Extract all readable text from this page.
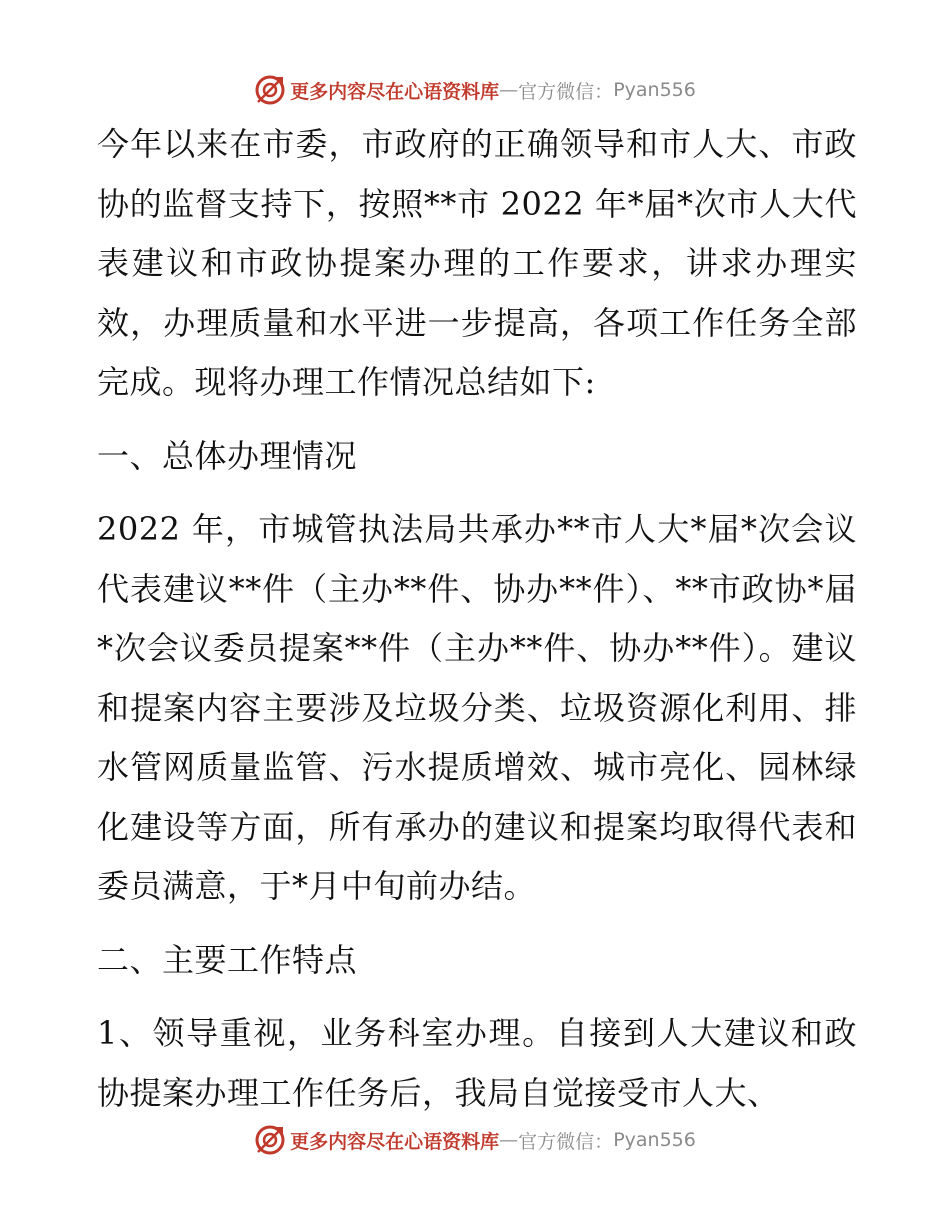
更多内容尽在心语资料库 — 官方微信： Pyan556

今年以来在市委，市政府的正确领导和市人大、市政协的监督支持下，按照**市 2022 年*届*次市人大代表建议和市政协提案办理的工作要求，讲求办理实效，办理质量和水平进一步提高，各项工作任务全部完成。现将办理工作情况总结如下:

一、总体办理情况

2022 年，市城管执法局共承办**市人大*届*次会议代表建议**件（主办**件、协办**件）、**市政协*届*次会议委员提案**件（主办**件、协办**件）。建议和提案内容主要涉及垃圾分类、垃圾资源化利用、排水管网质量监管、污水提质增效、城市亮化、园林绿化建设等方面，所有承办的建议和提案均取得代表和委员满意，于*月中旬前办结。

二、主要工作特点

1、领导重视，业务科室办理。自接到人大建议和政协提案办理工作任务后，我局自觉接受市人大、

更多内容尽在心语资料库 — 官方微信： Pyan556
